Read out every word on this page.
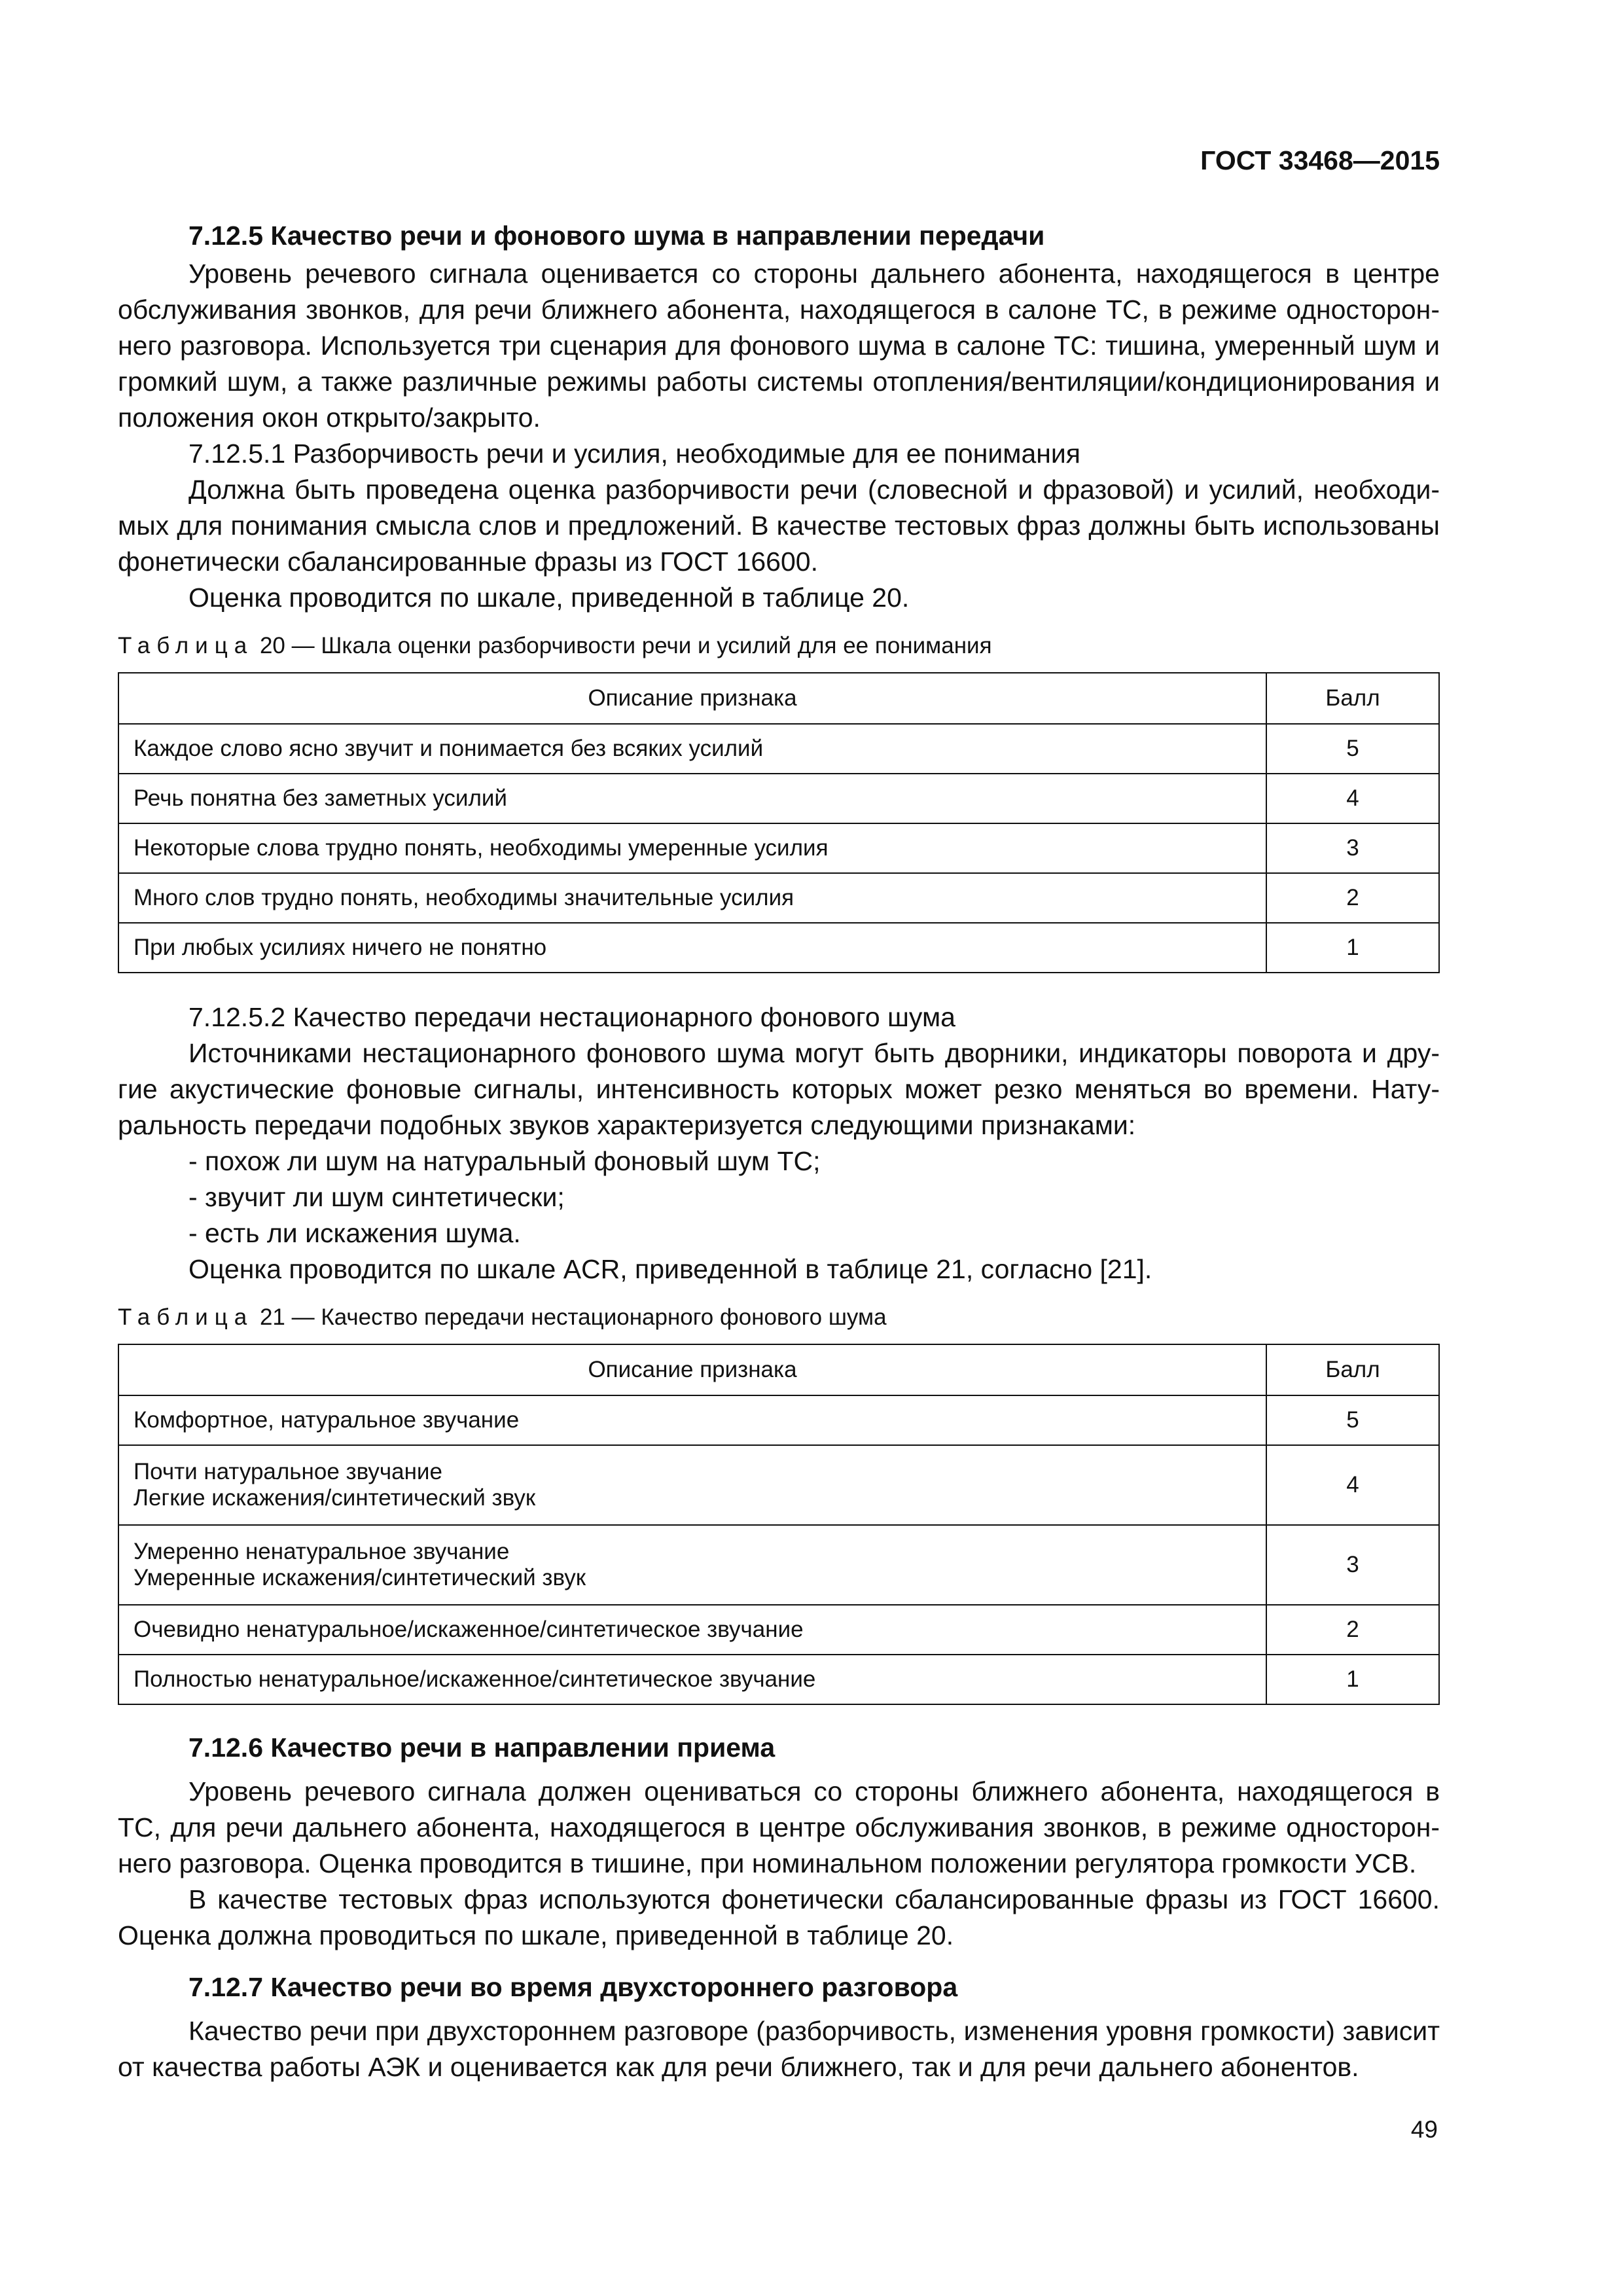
ГОСТ 33468—2015

7.12.5 Качество речи и фонового шума в направлении передачи

Уровень речевого сигнала оценивается со стороны дальнего абонента, находящегося в центре обслуживания звонков, для речи ближнего абонента, находящегося в салоне ТС, в режиме одностороннего разговора. Используется три сценария для фонового шума в салоне ТС: тишина, умеренный шум и громкий шум, а также различные режимы работы системы отопления/вентиляции/кондиционирования и положения окон открыто/закрыто.

7.12.5.1 Разборчивость речи и усилия, необходимые для ее понимания

Должна быть проведена оценка разборчивости речи (словесной и фразовой) и усилий, необходимых для понимания смысла слов и предложений. В качестве тестовых фраз должны быть использованы фонетически сбалансированные фразы из ГОСТ 16600.

Оценка проводится по шкале, приведенной в таблице 20.

Таблица 20 — Шкала оценки разборчивости речи и усилий для ее понимания

Описание признака	Балл
Каждое слово ясно звучит и понимается без всяких усилий	5
Речь понятна без заметных усилий	4
Некоторые слова трудно понять, необходимы умеренные усилия	3
Много слов трудно понять, необходимы значительные усилия	2
При любых усилиях ничего не понятно	1

7.12.5.2 Качество передачи нестационарного фонового шума

Источниками нестационарного фонового шума могут быть дворники, индикаторы поворота и другие акустические фоновые сигналы, интенсивность которых может резко меняться во времени. Натуральность передачи подобных звуков характеризуется следующими признаками:

- похож ли шум на натуральный фоновый шум ТС;

- звучит ли шум синтетически;

- есть ли искажения шума.

Оценка проводится по шкале ACR, приведенной в таблице 21, согласно [21].

Таблица 21 — Качество передачи нестационарного фонового шума

Описание признака	Балл
Комфортное, натуральное звучание	5

Почти натуральное звучание
Легкие искажения/синтетический звук	4

Умеренно ненатуральное звучание
Умеренные искажения/синтетический звук	3
Очевидно ненатуральное/искаженное/синтетическое звучание	2
Полностью ненатуральное/искаженное/синтетическое звучание	1

7.12.6 Качество речи в направлении приема

Уровень речевого сигнала должен оцениваться со стороны ближнего абонента, находящегося в ТС, для речи дальнего абонента, находящегося в центре обслуживания звонков, в режиме одностороннего разговора. Оценка проводится в тишине, при номинальном положении регулятора громкости УСВ.

В качестве тестовых фраз используются фонетически сбалансированные фразы из ГОСТ 16600. Оценка должна проводиться по шкале, приведенной в таблице 20.

7.12.7 Качество речи во время двухстороннего разговора

Качество речи при двухстороннем разговоре (разборчивость, изменения уровня громкости) зависит от качества работы АЭК и оценивается как для речи ближнего, так и для речи дальнего абонентов.

49
